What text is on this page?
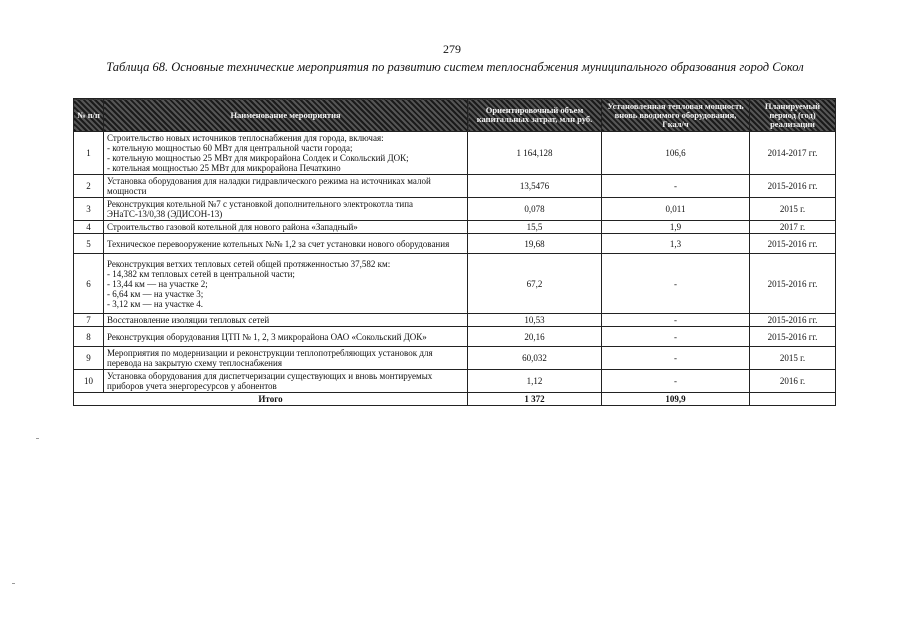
279
Таблица 68. Основные технические мероприятия по развитию систем теплоснабжения муниципального образования город Сокол
№ п/п	Наименование мероприятия	Ориентировочный объем капитальных затрат, млн руб.	Установленная тепловая мощность вновь вводимого оборудования, Гкал/ч	Планируемый период (год) реализации
1	Строительство новых источников теплоснабжения для города, включая:
- котельную мощностью 60 МВт для центральной части города;
- котельную мощностью 25 МВт для микрорайона Солдек и Сокольский ДОК;
- котельная мощностью 25 МВт для микрорайона Печаткино	1 164,128	106,6	2014-2017 гг.
2	Установка оборудования для наладки гидравлического режима на источниках малой мощности	13,5476	-	2015-2016 гг.
3	Реконструкция котельной №7 с установкой дополнительного электрокотла типа ЭНаТС-13/0,38 (ЭДИСОН-13)	0,078	0,011	2015 г.
4	Строительство газовой котельной для нового района «Западный»	15,5	1,9	2017 г.
5	Техническое перевооружение котельных №№ 1,2 за счет установки нового оборудования	19,68	1,3	2015-2016 гг.
6	Реконструкция ветхих тепловых сетей общей протяженностью 37,582 км:
- 14,382 км тепловых сетей в центральной части;
- 13,44 км — на участке 2;
- 6,64 км — на участке 3;
- 3,12 км — на участке 4.	67,2	-	2015-2016 гг.
7	Восстановление изоляции тепловых сетей	10,53	-	2015-2016 гг.
8	Реконструкция оборудования ЦТП № 1, 2, 3 микрорайона ОАО «Сокольский ДОК»	20,16	-	2015-2016 гг.
9	Мероприятия по модернизации и реконструкции теплопотребляющих установок для перевода на закрытую схему теплоснабжения	60,032	-	2015 г.
10	Установка оборудования для диспетчеризации существующих и вновь монтируемых приборов учета энергоресурсов у абонентов	1,12	-	2016 г.
Итого		1 372	109,9	
